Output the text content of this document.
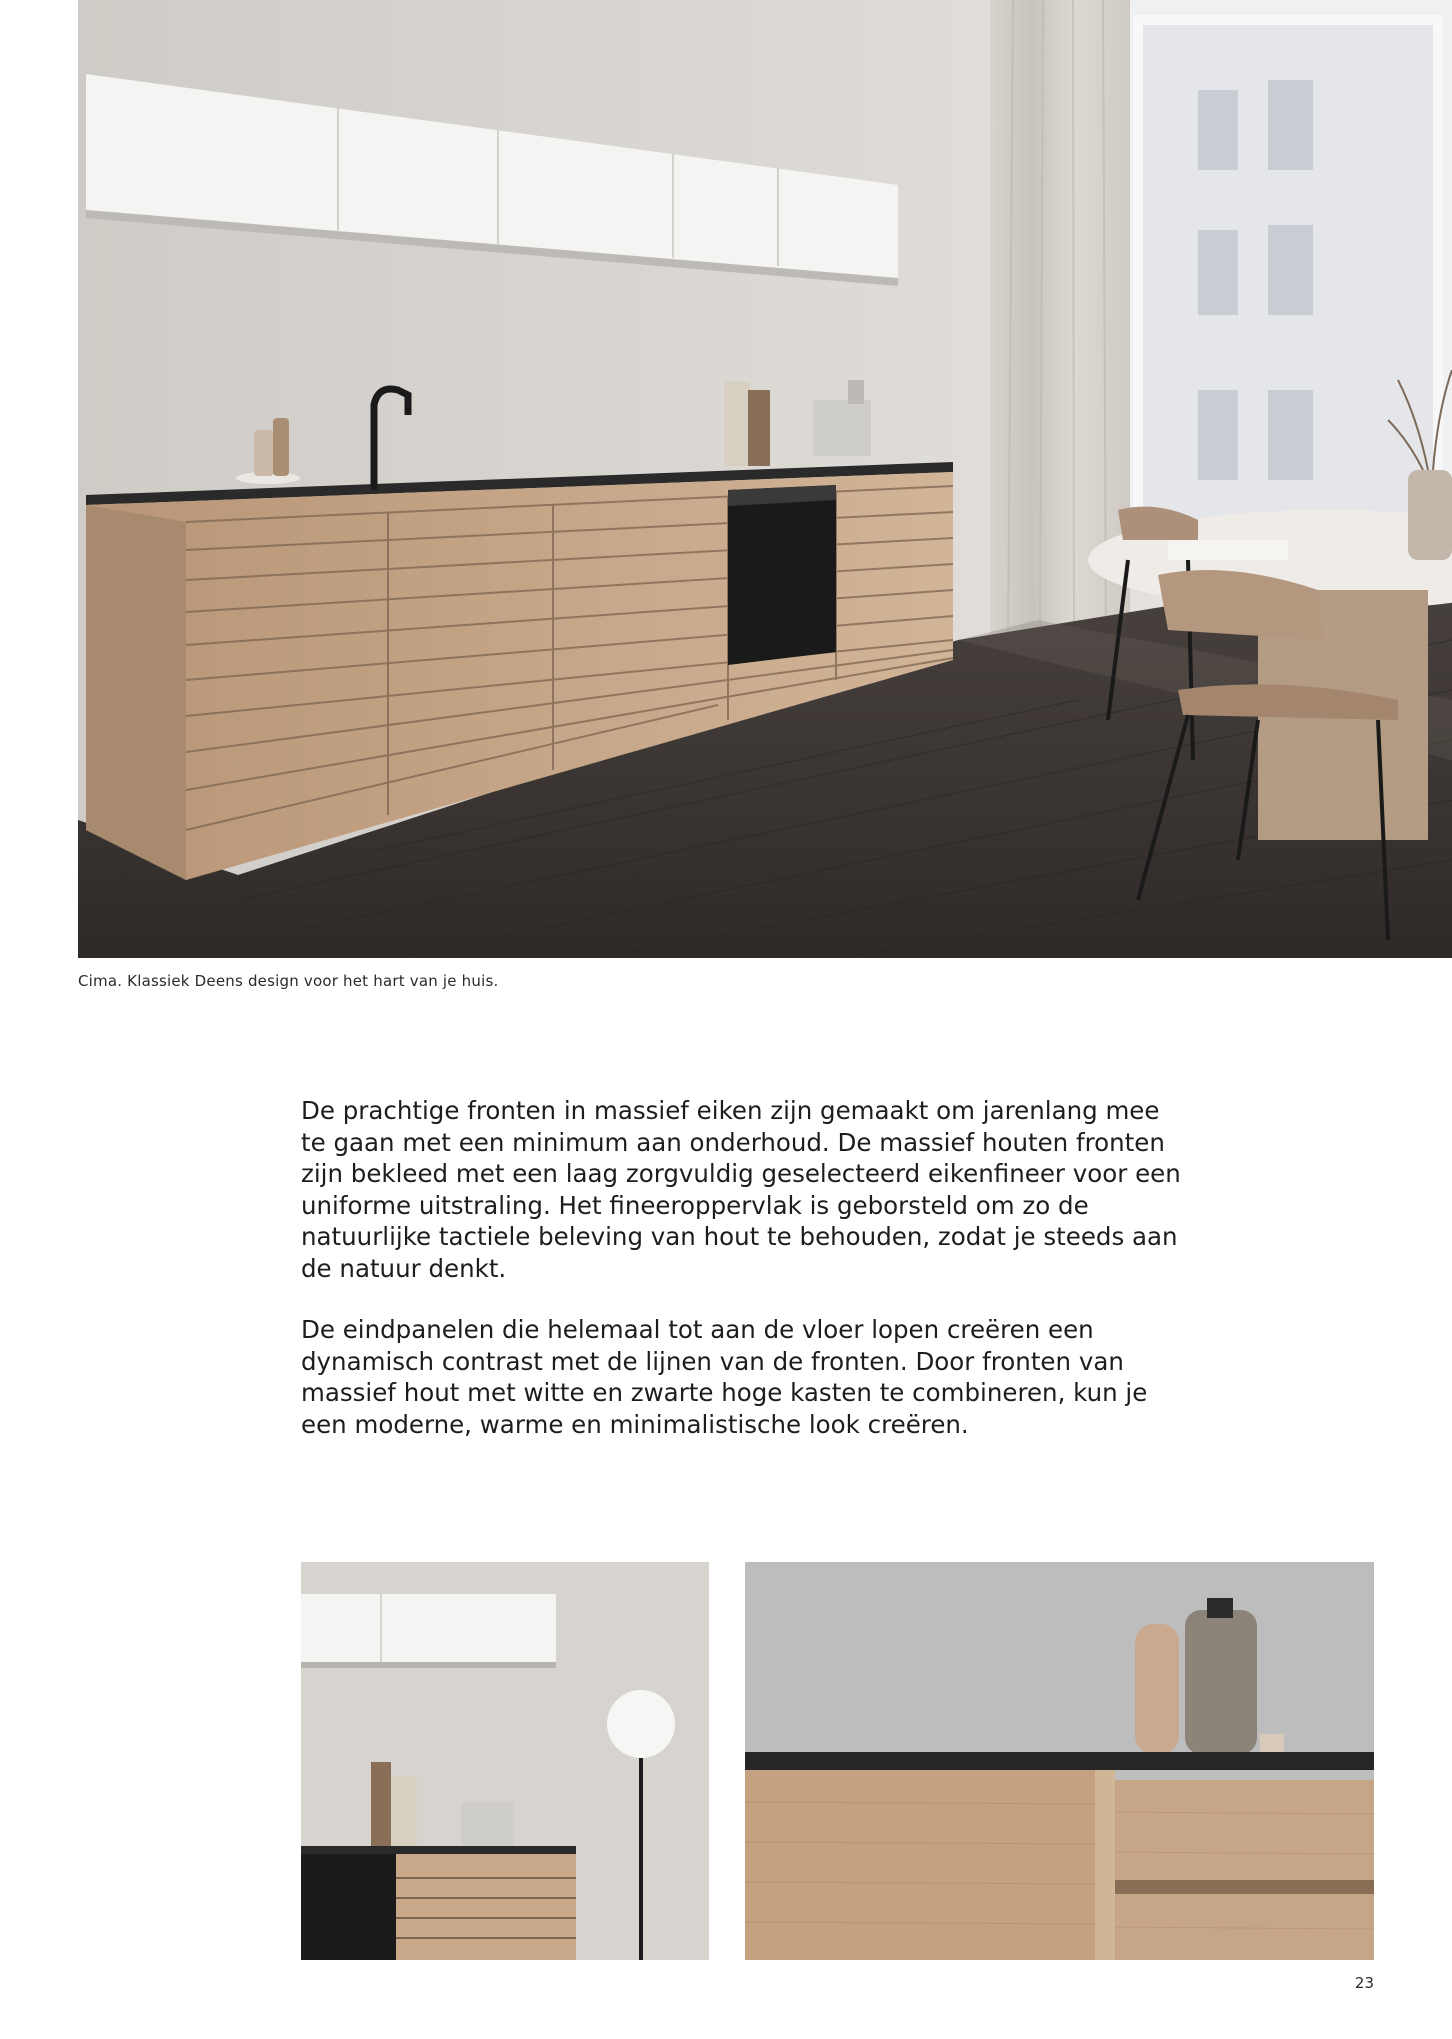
Cima. Klassiek Deens design voor het hart van je huis.

De prachtige fronten in massief eiken zijn gemaakt om jarenlang mee te gaan met een minimum aan onderhoud. De massief houten fronten zijn bekleed met een laag zorgvuldig geselecteerd eikenfineer voor een uniforme uitstraling. Het fineeroppervlak is geborsteld om zo de natuurlijke tactiele beleving van hout te behouden, zodat je steeds aan de natuur denkt.

De eindpanelen die helemaal tot aan de vloer lopen creëren een dynamisch contrast met de lijnen van de fronten. Door fronten van massief hout met witte en zwarte hoge kasten te combineren, kun je een moderne, warme en minimalistische look creëren.

23
